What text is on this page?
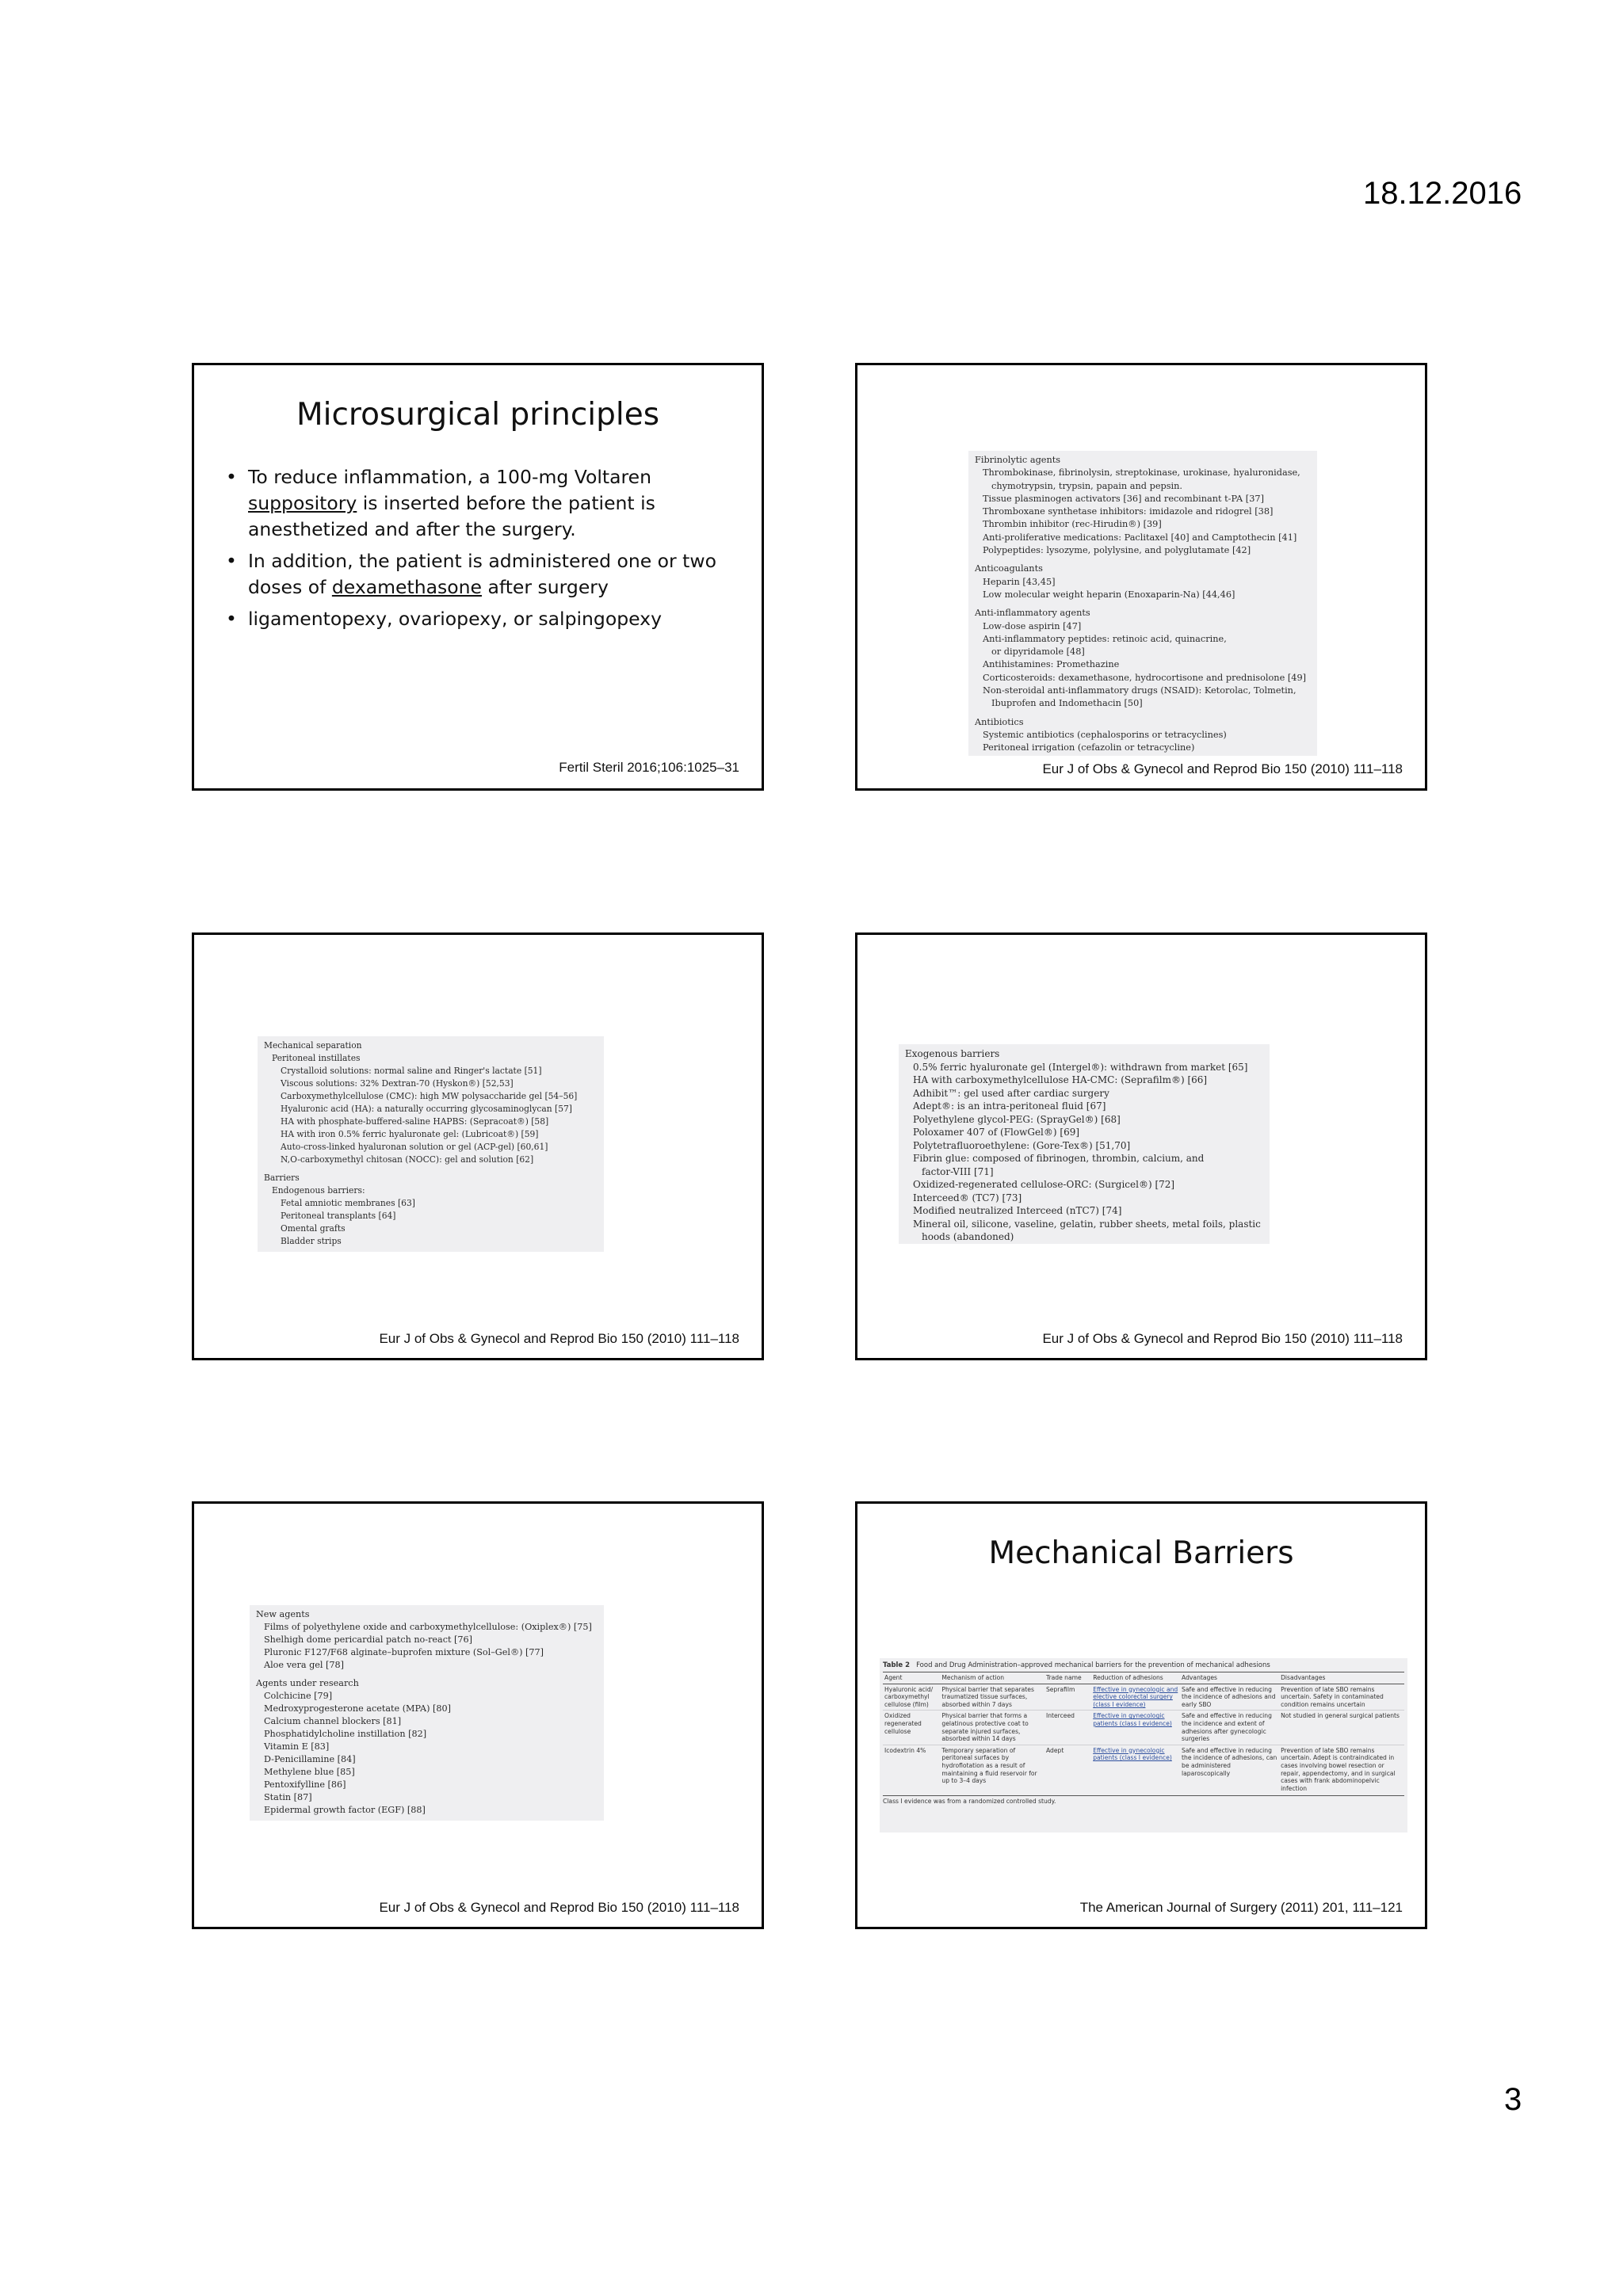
18.12.2016
Microsurgical principles
• To reduce inflammation, a 100-mg Voltaren suppository is inserted before the patient is anesthetized and after the surgery.
• In addition, the patient is administered one or two doses of dexamethasone after surgery
• ligamentopexy, ovariopexy, or salpingopexy
Fertil Steril 2016;106:1025–31
Fibrinolytic agents
Thrombokinase, fibrinolysin, streptokinase, urokinase, hyaluronidase,
chymotrypsin, trypsin, papain and pepsin.
Tissue plasminogen activators [36] and recombinant t-PA [37]
Thromboxane synthetase inhibitors: imidazole and ridogrel [38]
Thrombin inhibitor (rec-Hirudin®) [39]
Anti-proliferative medications: Paclitaxel [40] and Camptothecin [41]
Polypeptides: lysozyme, polylysine, and polyglutamate [42]
Anticoagulants
Heparin [43,45]
Low molecular weight heparin (Enoxaparin-Na) [44,46]
Anti-inflammatory agents
Low-dose aspirin [47]
Anti-inflammatory peptides: retinoic acid, quinacrine,
or dipyridamole [48]
Antihistamines: Promethazine
Corticosteroids: dexamethasone, hydrocortisone and prednisolone [49]
Non-steroidal anti-inflammatory drugs (NSAID): Ketorolac, Tolmetin,
Ibuprofen and Indomethacin [50]
Antibiotics
Systemic antibiotics (cephalosporins or tetracyclines)
Peritoneal irrigation (cefazolin or tetracycline)
Eur J of Obs & Gynecol and Reprod Bio 150 (2010) 111–118
Mechanical separation
Peritoneal instillates
Crystalloid solutions: normal saline and Ringer's lactate [51]
Viscous solutions: 32% Dextran-70 (Hyskon®) [52,53]
Carboxymethylcellulose (CMC): high MW polysaccharide gel [54–56]
Hyaluronic acid (HA): a naturally occurring glycosaminoglycan [57]
HA with phosphate-buffered-saline HAPBS: (Sepracoat®) [58]
HA with iron 0.5% ferric hyaluronate gel: (Lubricoat®) [59]
Auto-cross-linked hyaluronan solution or gel (ACP-gel) [60,61]
N,O-carboxymethyl chitosan (NOCC): gel and solution [62]
Barriers
Endogenous barriers:
Fetal amniotic membranes [63]
Peritoneal transplants [64]
Omental grafts
Bladder strips
Eur J of Obs & Gynecol and Reprod Bio 150 (2010) 111–118
Exogenous barriers
0.5% ferric hyaluronate gel (Intergel®): withdrawn from market [65]
HA with carboxymethylcellulose HA-CMC: (Seprafilm®) [66]
Adhibit™: gel used after cardiac surgery
Adept®: is an intra-peritoneal fluid [67]
Polyethylene glycol-PEG: (SprayGel®) [68]
Poloxamer 407 of (FlowGel®) [69]
Polytetrafluoroethylene: (Gore-Tex®) [51,70]
Fibrin glue: composed of fibrinogen, thrombin, calcium, and
factor-VIII [71]
Oxidized-regenerated cellulose-ORC: (Surgicel®) [72]
Interceed® (TC7) [73]
Modified neutralized Interceed (nTC7) [74]
Mineral oil, silicone, vaseline, gelatin, rubber sheets, metal foils, plastic
hoods (abandoned)
Eur J of Obs & Gynecol and Reprod Bio 150 (2010) 111–118
New agents
Films of polyethylene oxide and carboxymethylcellulose: (Oxiplex®) [75]
Shelhigh dome pericardial patch no-react [76]
Pluronic F127/F68 alginate–buprofen mixture (Sol–Gel®) [77]
Aloe vera gel [78]
Agents under research
Colchicine [79]
Medroxyprogesterone acetate (MPA) [80]
Calcium channel blockers [81]
Phosphatidylcholine instillation [82]
Vitamin E [83]
D-Penicillamine [84]
Methylene blue [85]
Pentoxifylline [86]
Statin [87]
Epidermal growth factor (EGF) [88]
Eur J of Obs & Gynecol and Reprod Bio 150 (2010) 111–118
Mechanical Barriers
Table 2 Food and Drug Administration–approved mechanical barriers for the prevention of mechanical adhesions
Agent	Mechanism of action	Trade name	Reduction of adhesions	Advantages	Disadvantages
Hyaluronic acid/ carboxymethyl cellulose (film)	Physical barrier that separates traumatized tissue surfaces, absorbed within 7 days	Seprafilm	Effective in gynecologic and elective colorectal surgery (class I evidence)	Safe and effective in reducing the incidence of adhesions and early SBO	Prevention of late SBO remains uncertain. Safety in contaminated condition remains uncertain
Oxidized regenerated cellulose	Physical barrier that forms a gelatinous protective coat to separate injured surfaces, absorbed within 14 days	Interceed	Effective in gynecologic patients (class I evidence)	Safe and effective in reducing the incidence and extent of adhesions after gynecologic surgeries	Not studied in general surgical patients
Icodextrin 4%	Temporary separation of peritoneal surfaces by hydroflotation as a result of maintaining a fluid reservoir for up to 3–4 days	Adept	Effective in gynecologic patients (class I evidence)	Safe and effective in reducing the incidence of adhesions, can be administered laparoscopically	Prevention of late SBO remains uncertain. Adept is contraindicated in cases involving bowel resection or repair, appendectomy, and in surgical cases with frank abdominopelvic infection
Class I evidence was from a randomized controlled study.
The American Journal of Surgery (2011) 201, 111–121
3
